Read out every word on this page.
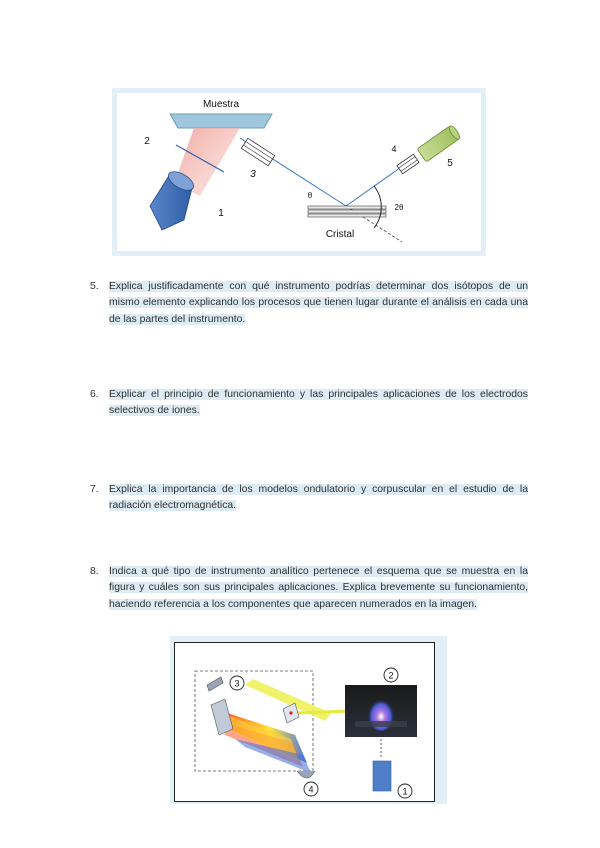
Muestra
1
2
3
Cristal
θ
2θ
4
5
5. Explica justificadamente con qué instrumento podrías determinar dos isótopos de un mismo elemento explicando los procesos que tienen lugar durante el análisis en cada una de las partes del instrumento.
6. Explicar el principio de funcionamiento y las principales aplicaciones de los electrodos selectivos de iones.
7. Explica la importancia de los modelos ondulatorio y corpuscular en el estudio de la radiación electromagnética.
8. Indica a qué tipo de instrumento analítico pertenece el esquema que se muestra en la figura y cuáles son sus principales aplicaciones. Explica brevemente su funcionamiento, haciendo referencia a los componentes que aparecen numerados en la imagen.
3
2
4	1
